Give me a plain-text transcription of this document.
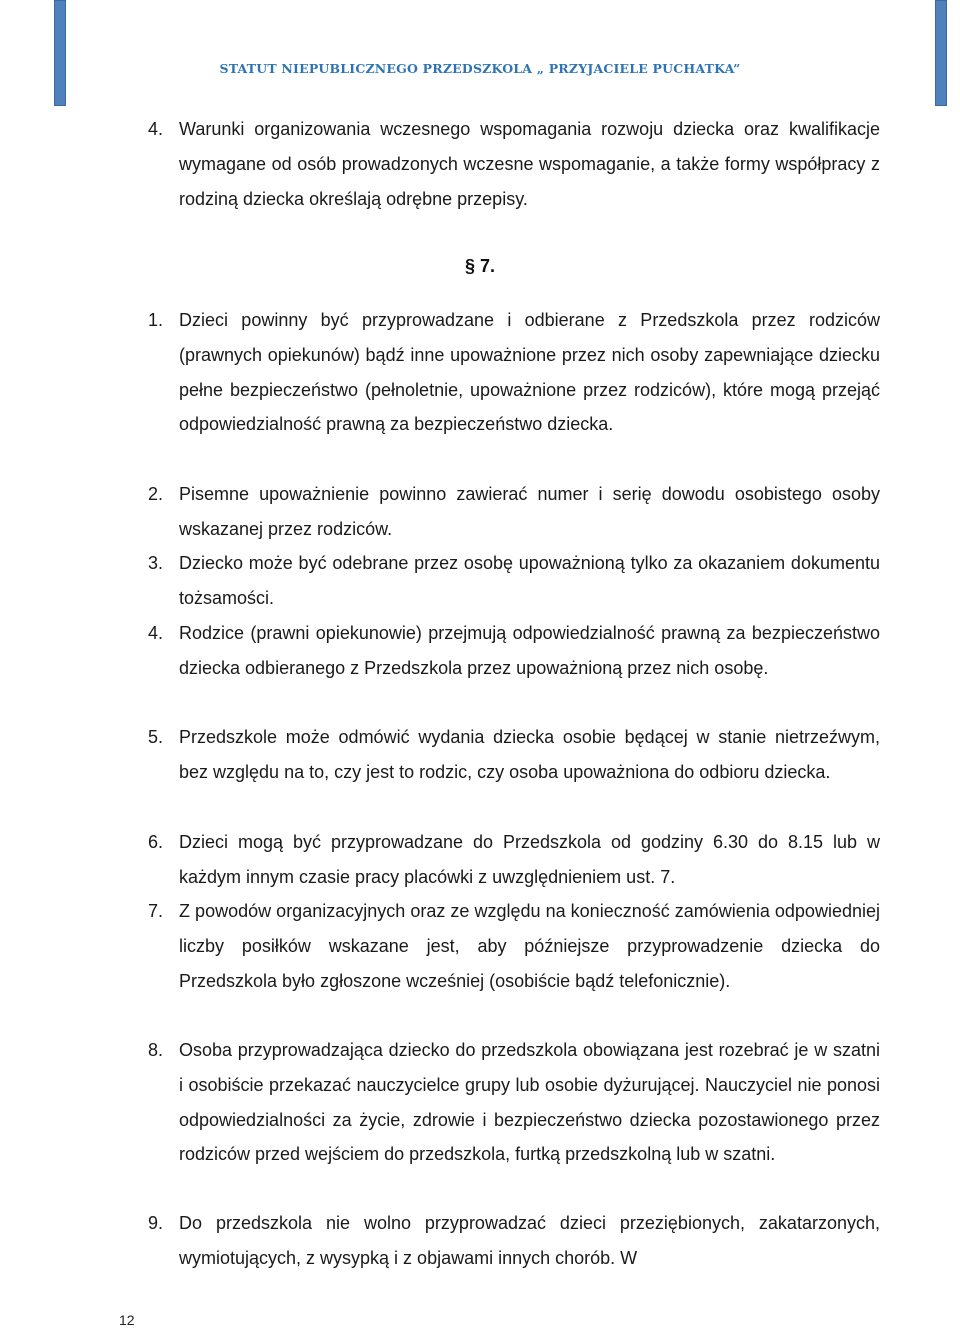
STATUT NIEPUBLICZNEGO PRZEDSZKOLA „ PRZYJACIELE PUCHATKA”
4. Warunki organizowania wczesnego wspomagania rozwoju dziecka oraz kwalifikacje wymagane od osób prowadzonych wczesne wspomaganie, a także formy współpracy z rodziną dziecka określają odrębne przepisy.
§ 7.
1. Dzieci powinny być przyprowadzane i odbierane z Przedszkola przez rodziców (prawnych opiekunów) bądź inne upoważnione przez nich osoby zapewniające dziecku pełne bezpieczeństwo (pełnoletnie, upoważnione przez rodziców), które mogą przejąć odpowiedzialność prawną za bezpieczeństwo dziecka.
2. Pisemne upoważnienie powinno zawierać numer i serię dowodu osobistego osoby wskazanej przez rodziców.
3. Dziecko może być odebrane przez osobę upoważnioną tylko za okazaniem dokumentu tożsamości.
4. Rodzice (prawni opiekunowie) przejmują odpowiedzialność prawną za bezpieczeństwo dziecka odbieranego z Przedszkola przez upoważnioną przez nich osobę.
5. Przedszkole może odmówić wydania dziecka osobie będącej w stanie nietrzeźwym, bez względu na to, czy jest to rodzic, czy osoba upoważniona do odbioru dziecka.
6. Dzieci mogą być przyprowadzane do Przedszkola od godziny 6.30 do 8.15 lub w każdym innym czasie pracy placówki z uwzględnieniem ust. 7.
7. Z powodów organizacyjnych oraz ze względu na konieczność zamówienia odpowiedniej liczby posiłków wskazane jest, aby późniejsze przyprowadzenie dziecka do Przedszkola było zgłoszone wcześniej (osobiście bądź telefonicznie).
8. Osoba przyprowadzająca dziecko do przedszkola obowiązana jest rozebrać je w szatni i osobiście przekazać nauczycielce grupy lub osobie dyżurującej. Nauczyciel nie ponosi odpowiedzialności za życie, zdrowie i bezpieczeństwo dziecka pozostawionego przez rodziców przed wejściem do przedszkola, furtką przedszkolną lub w szatni.
9. Do przedszkola nie wolno przyprowadzać dzieci przeziębionych, zakatarzonych, wymiotujących, z wysypką i z objawami innych chorób. W
12
